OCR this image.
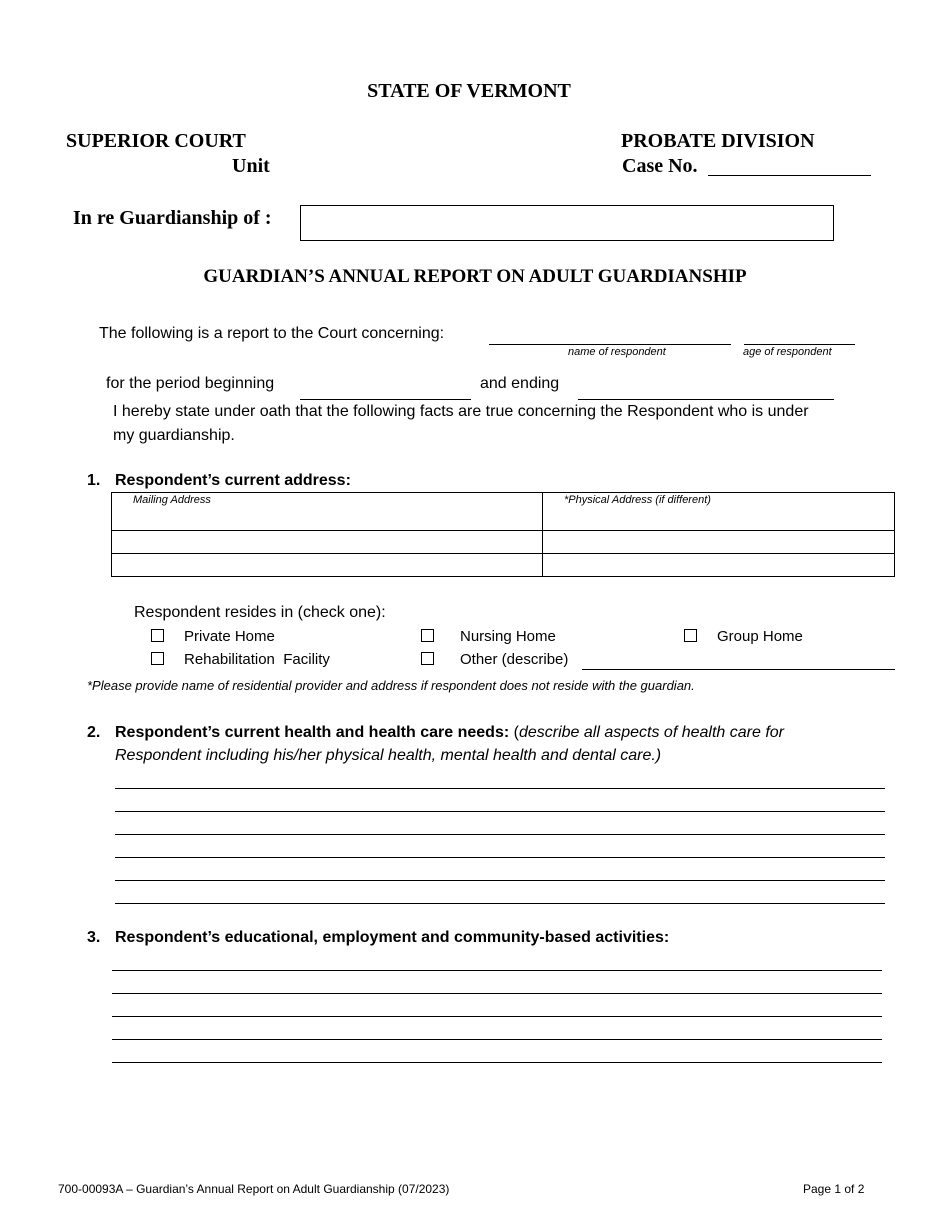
STATE OF VERMONT
SUPERIOR COURT
Unit
PROBATE DIVISION
Case No.
In re Guardianship of :
GUARDIAN’S ANNUAL REPORT ON ADULT GUARDIANSHIP
The following is a report to the Court concerning:
name of respondent	age of respondent
for the period beginning	and ending
I hereby state under oath that the following facts are true concerning the Respondent who is under
my guardianship.
1. Respondent’s current address:
Mailing Address	*Physical Address (if different)

Respondent resides in (check one):
Private Home	Nursing Home	Group Home
Rehabilitation  Facility	Other (describe)
*Please provide name of residential provider and address if respondent does not reside with the guardian.
2. Respondent’s current health and health care needs: (describe all aspects of health care for
Respondent including his/her physical health, mental health and dental care.)
3. Respondent’s educational, employment and community-based activities:
700-00093A – Guardian’s Annual Report on Adult Guardianship (07/2023)	Page 1 of 2
